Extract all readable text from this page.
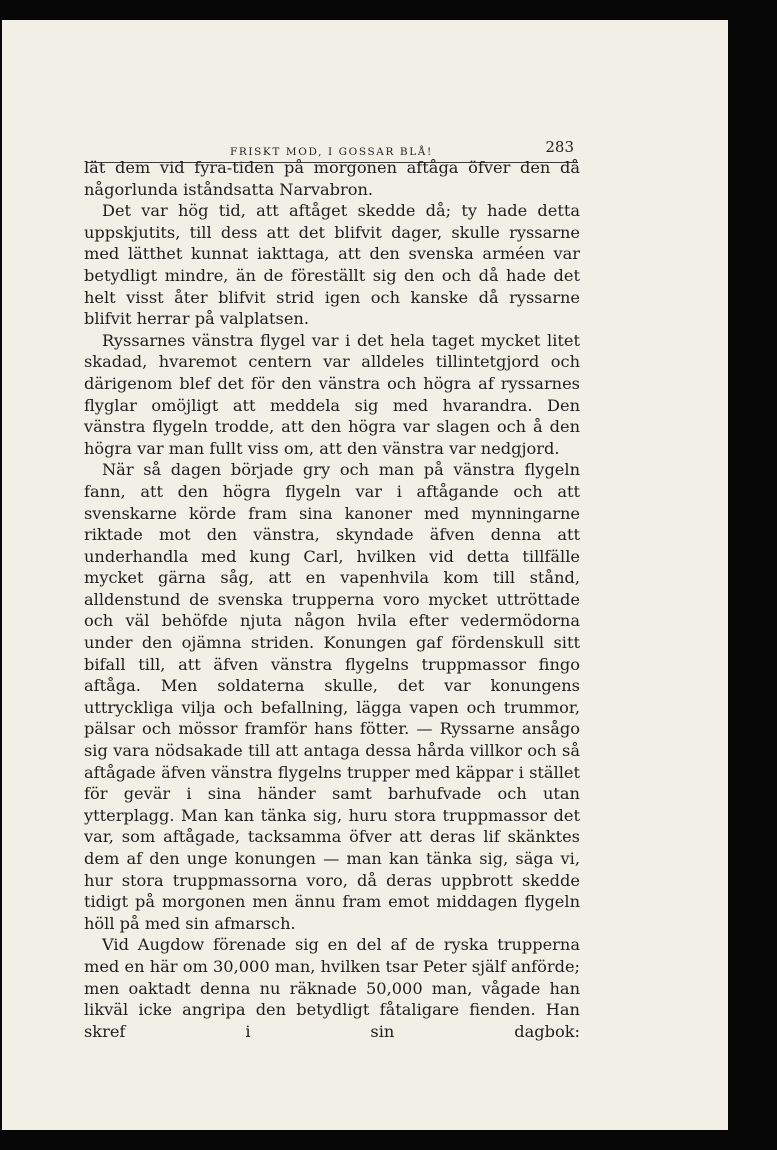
FRISKT MOD, I GOSSAR BLÅ!	283

lät dem vid fyra-tiden på morgonen aftåga öfver den då någorlunda iståndsatta Narvabron.

Det var hög tid, att aftåget skedde då; ty hade detta uppskjutits, till dess att det blifvit dager, skulle ryssarne med lätthet kunnat iakttaga, att den svenska arméen var betydligt mindre, än de föreställt sig den och då hade det helt visst åter blifvit strid igen och kanske då ryssarne blifvit herrar på valplatsen.

Ryssarnes vänstra flygel var i det hela taget mycket litet skadad, hvaremot centern var alldeles tillintetgjord och därigenom blef det för den vänstra och högra af ryssarnes flyglar omöjligt att meddela sig med hvarandra. Den vänstra flygeln trodde, att den högra var slagen och å den högra var man fullt viss om, att den vänstra var nedgjord.

När så dagen började gry och man på vänstra flygeln fann, att den högra flygeln var i aftågande och att svenskarne körde fram sina kanoner med mynningarne riktade mot den vänstra, skyndade äfven denna att underhandla med kung Carl, hvilken vid detta tillfälle mycket gärna såg, att en vapenhvila kom till stånd, alldenstund de svenska trupperna voro mycket uttröttade och väl behöfde njuta någon hvila efter vedermödorna under den ojämna striden. Konungen gaf fördenskull sitt bifall till, att äfven vänstra flygelns truppmassor fingo aftåga. Men soldaterna skulle, det var konungens uttryckliga vilja och befallning, lägga vapen och trummor, pälsar och mössor framför hans fötter. — Ryssarne ansågo sig vara nödsakade till att antaga dessa hårda villkor och så aftågade äfven vänstra flygelns trupper med käppar i stället för gevär i sina händer samt barhufvade och utan ytterplagg. Man kan tänka sig, huru stora truppmassor det var, som aftågade, tacksamma öfver att deras lif skänktes dem af den unge konungen — man kan tänka sig, säga vi, hur stora truppmassorna voro, då deras uppbrott skedde tidigt på morgonen men ännu fram emot middagen flygeln höll på med sin afmarsch.

Vid Augdow förenade sig en del af de ryska trupperna med en här om 30,000 man, hvilken tsar Peter själf anförde; men oaktadt denna nu räknade 50,000 man, vågade han likväl icke angripa den betydligt fåtaligare fienden. Han skref i sin dagbok:
